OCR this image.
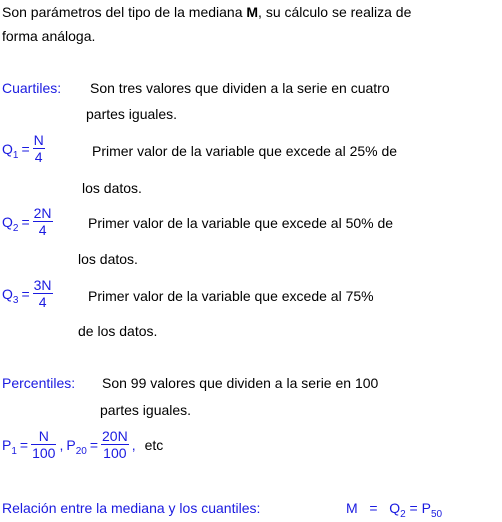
Son parámetros del tipo de la mediana M, su cálculo se realiza de
forma análoga.
Cuartiles: Son tres valores que dividen a la serie en cuatro
partes iguales.
$Q_1 = \frac{N}{4}$	Primer valor de la variable que excede al 25% de
los datos.
$Q_2 = \frac{2N}{4}$	Primer valor de la variable que excede al 50% de
los datos.
$Q_3 = \frac{3N}{4}$	Primer valor de la variable que excede al 75%
de los datos.
Percentiles: Son 99 valores que dividen a la serie en 100
partes iguales.
$P_1 = \frac{N}{100}$ , $P_{20} = \frac{20N}{100}$ , etc
Relación entre la mediana y los cuantiles:	$M = Q_2 = P_{50}$
